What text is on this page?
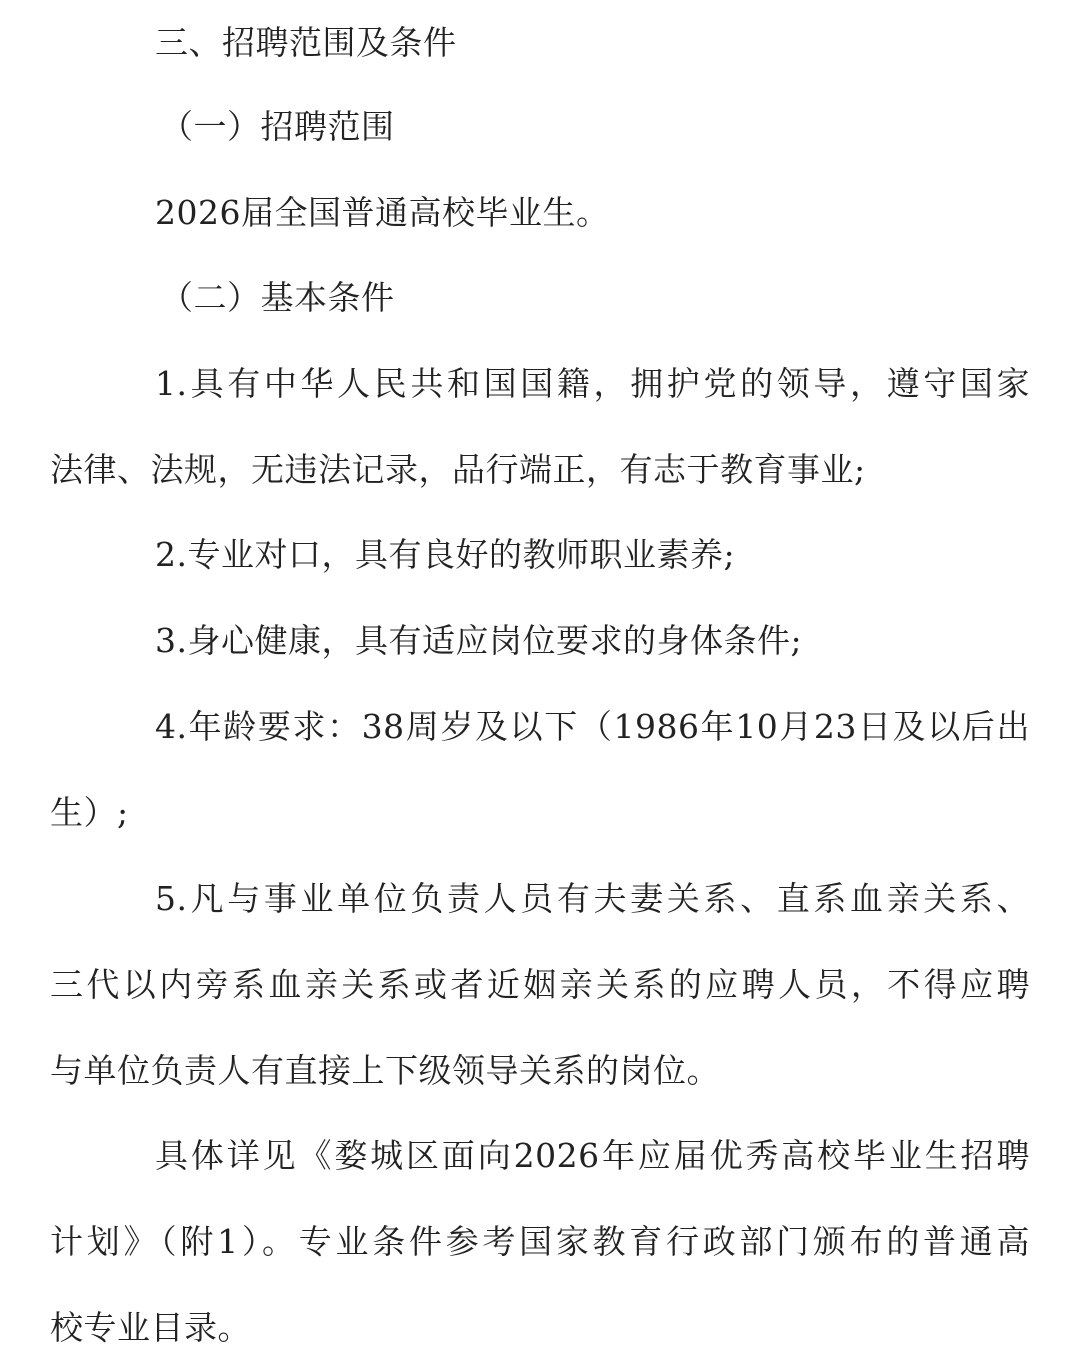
三、招聘范围及条件
（一）招聘范围
2026届全国普通高校毕业生。
（二）基本条件
1.具有中华人民共和国国籍，拥护党的领导，遵守国家
法律、法规，无违法记录，品行端正，有志于教育事业;
2.专业对口，具有良好的教师职业素养;
3.身心健康，具有适应岗位要求的身体条件;
4.年龄要求：38周岁及以下（1986年10月23日及以后出
生）;
5.凡与事业单位负责人员有夫妻关系、直系血亲关系、
三代以内旁系血亲关系或者近姻亲关系的应聘人员，不得应聘
与单位负责人有直接上下级领导关系的岗位。
具体详见《婺城区面向2026年应届优秀高校毕业生招聘
计划》（附1）。专业条件参考国家教育行政部门颁布的普通高
校专业目录。
